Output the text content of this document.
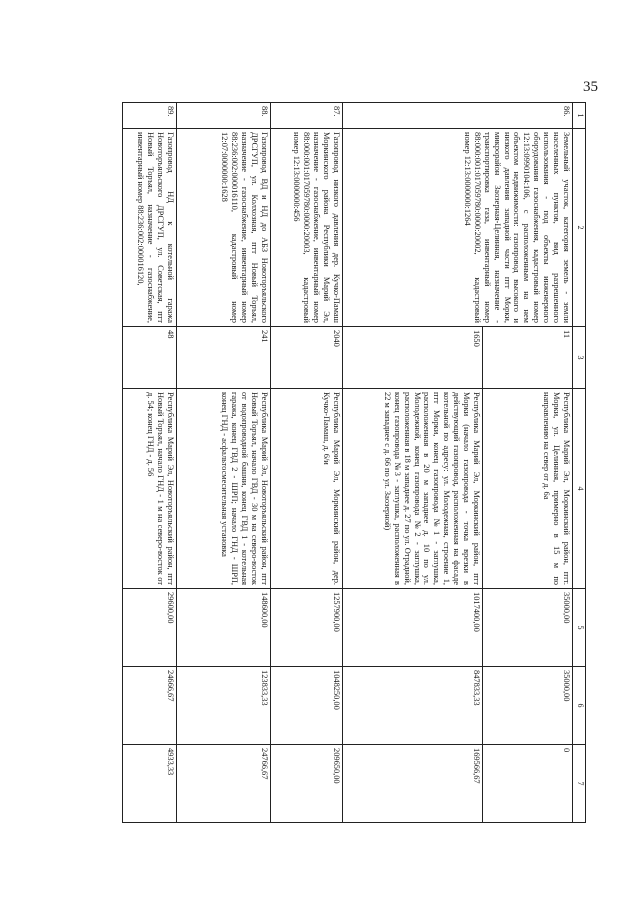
35
1	2	3	4	5	6	7
86.	Земельный участок, категория земель - земли населенных пунктов, вид разрешенного использования - под объекты инженерного оборудования газоснабжения, кадастровый номер 12:13:0990104:106, с расположенным на нем объектом недвижимости: газопровод высокого и низкого давления западной части птт Морки, микрорайон Заозерная-Целинная, назначение - транспортировка газа, инвентарный номер 88:000:001:017059780:0000:20002, кадастровый номер 12:13:0000000:1264	11	Республика Марий Эл, Моркинский район, птт. Морки, ул. Целинная, примерно в 15 м по направлению на север от д. 6а	35000,00	35000,00	0
		1650	Республика Марий Эл, Моркинский район, птт Морки (начало газопровода - точка врезки в действующий газопровод, расположенная на фасаде котельной по адресу: ул. Молодежная, строение 1, птт Морки, конец газопровода №1 - заглушка, расположенная в 20 м западнее д. 10 по ул. Молодежной, конец газопровода №2 - заглушка, расположенная в 18 м западнее д. 27 по ул. Отрадной, конец газопровода №3 - заглушка, расположенная в 22 м западнее с д. 66 по ул. Заозерной)	1017400,00	847833,33	169566,67
87.	Газопровод низкого давления дер. Кучко-Памаш Моркинского района Республики Марий Эл, назначение - газоснабжение, инвентарный номер 88:000:001:017059780:0000:20003, кадастровый номер 12:13:0000000:456	2040	Республика Марий Эл, Моркинский район, дер. Кучко-Памаш, д. 6/и	1257900,00	1048250,00	209650,00
88.	Газопровод ВД и НД до АБЗ Новоторъяльского ДРСГУП, ул. Колхозная, птт Новый Торъял, назначение - газоснабжение, инвентарный номер 88:236:002:000016110, кадастровый номер 12:07:0000000:1628	241	Республика Марий Эл, Новоторъяльский район, птт Новый Торъял, начало ГВД - 30 м на северо-восток от водопроводной башни, конец ГВД 1 - котельная гаража, конец ГВД 2 - ШРП; начало ГНД - ШРП, конец ГНД - асфальтосмесительная установка	148600,00	123833,33	24766,67
89.	Газопровод НД к котельной гаража Новоторъяльского ДРСГУП, ул. Советская, птт Новый Торъял, назначение - газоснабжение, инвентарный номер 88:236:002:000016120,	48	Республика Марий Эл, Новоторъяльский район, птт Новый Торъял, начало ГНД - 1 м на северо-восток от д. 54; конец ГНД - д. 56	29600,00	24666,67	4933,33
